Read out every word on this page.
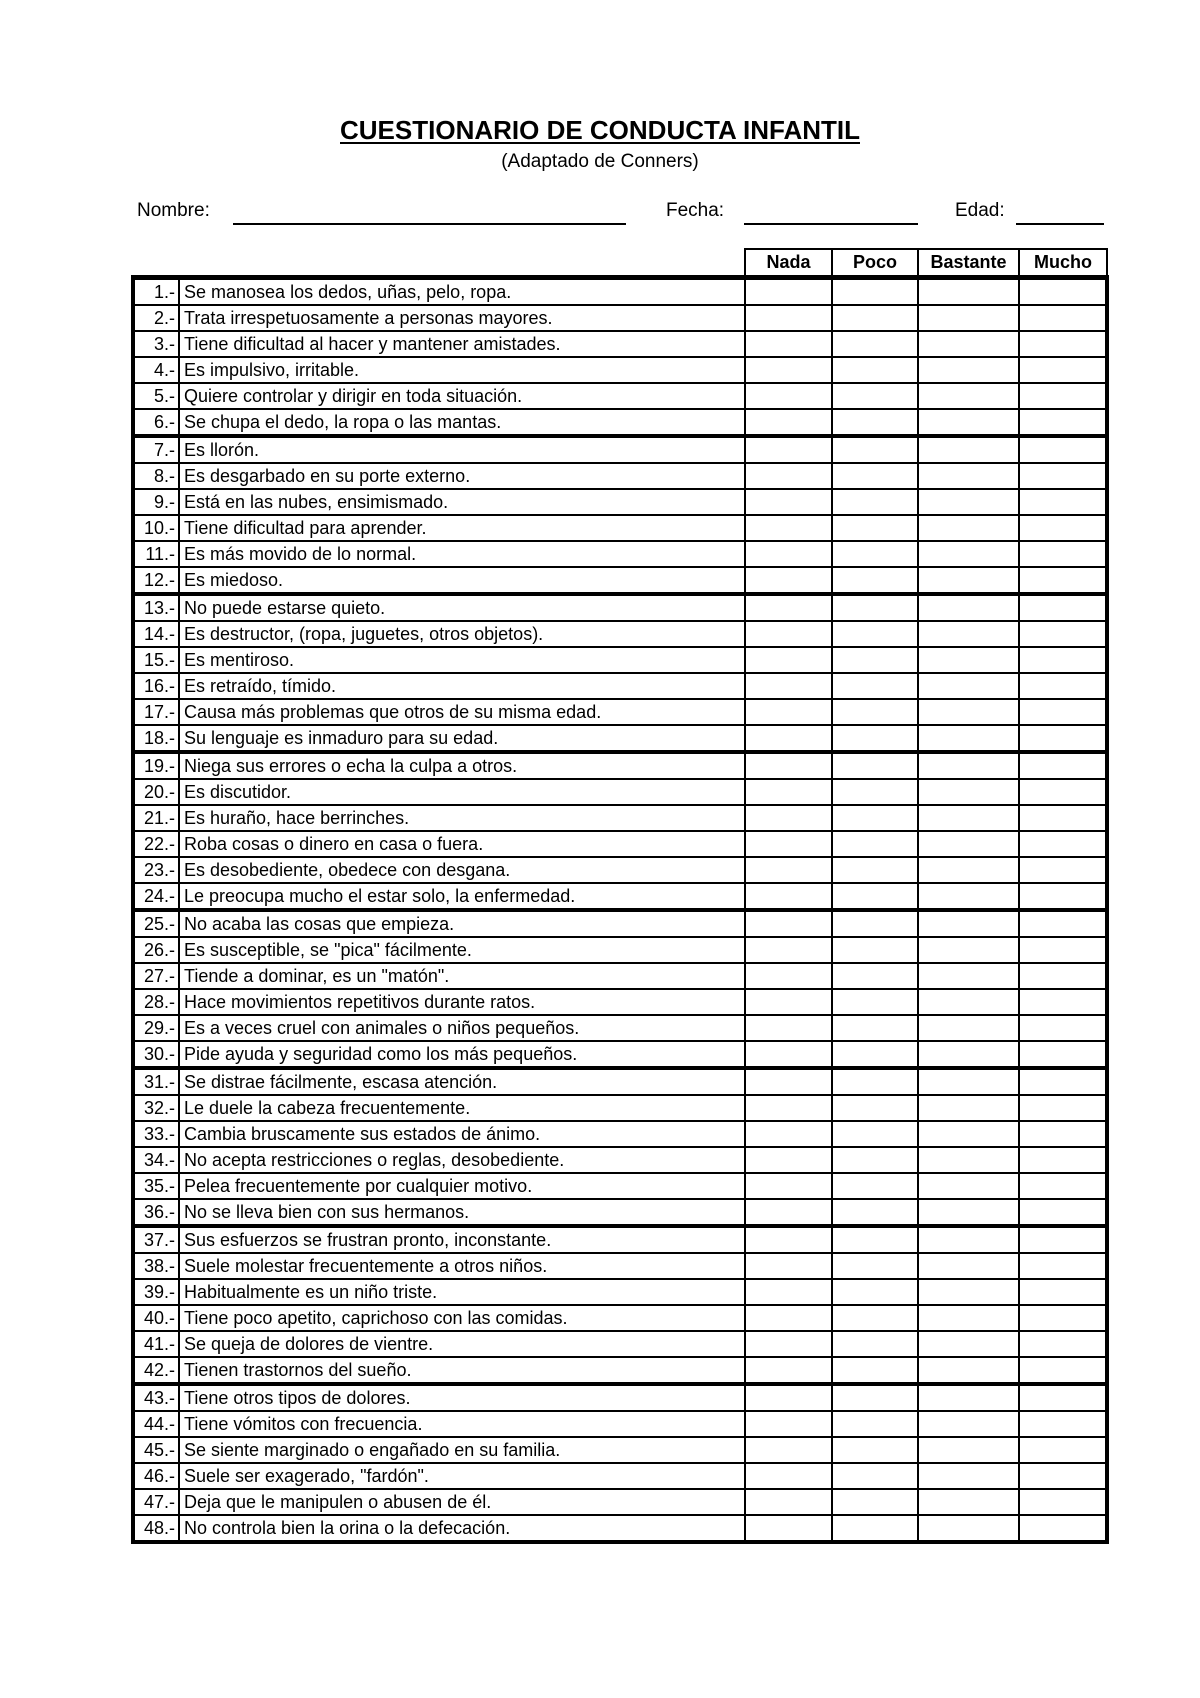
CUESTIONARIO DE CONDUCTA INFANTIL
(Adaptado de Conners)
Nombre:	Fecha:	Edad:
		Nada	Poco	Bastante	Mucho
1.-	Se manosea los dedos, uñas, pelo, ropa.				
2.-	Trata irrespetuosamente a personas mayores.				
3.-	Tiene dificultad al hacer y mantener amistades.				
4.-	Es impulsivo, irritable.				
5.-	Quiere controlar y dirigir en toda situación.				
6.-	Se chupa el dedo, la ropa o las mantas.				
7.-	Es llorón.				
8.-	Es desgarbado en su porte externo.				
9.-	Está en las nubes, ensimismado.				
10.-	Tiene dificultad para aprender.				
11.-	Es más movido de lo normal.				
12.-	Es miedoso.				
13.-	No puede estarse quieto.				
14.-	Es destructor, (ropa, juguetes, otros objetos).				
15.-	Es mentiroso.				
16.-	Es retraído, tímido.				
17.-	Causa más problemas que otros de su misma edad.				
18.-	Su lenguaje es inmaduro para su edad.				
19.-	Niega sus errores o echa la culpa a otros.				
20.-	Es discutidor.				
21.-	Es huraño, hace berrinches.				
22.-	Roba cosas o dinero en casa o fuera.				
23.-	Es desobediente, obedece con desgana.				
24.-	Le preocupa mucho el estar solo, la enfermedad.				
25.-	No acaba las cosas que empieza.				
26.-	Es susceptible, se "pica" fácilmente.				
27.-	Tiende a dominar, es un "matón".				
28.-	Hace movimientos repetitivos durante ratos.				
29.-	Es a veces cruel con animales o niños pequeños.				
30.-	Pide ayuda y seguridad como los más pequeños.				
31.-	Se distrae fácilmente, escasa atención.				
32.-	Le duele la cabeza frecuentemente.				
33.-	Cambia bruscamente sus estados de ánimo.				
34.-	No acepta restricciones o reglas, desobediente.				
35.-	Pelea frecuentemente por cualquier motivo.				
36.-	No se lleva bien con sus hermanos.				
37.-	Sus esfuerzos se frustran pronto, inconstante.				
38.-	Suele molestar frecuentemente a otros niños.				
39.-	Habitualmente es un niño triste.				
40.-	Tiene poco apetito, caprichoso con las comidas.				
41.-	Se queja de dolores de vientre.				
42.-	Tienen trastornos del sueño.				
43.-	Tiene otros tipos de dolores.				
44.-	Tiene vómitos con frecuencia.				
45.-	Se siente marginado o engañado en su familia.				
46.-	Suele ser exagerado, "fardón".				
47.-	Deja que le manipulen o abusen de él.				
48.-	No controla bien la orina o la defecación.				
